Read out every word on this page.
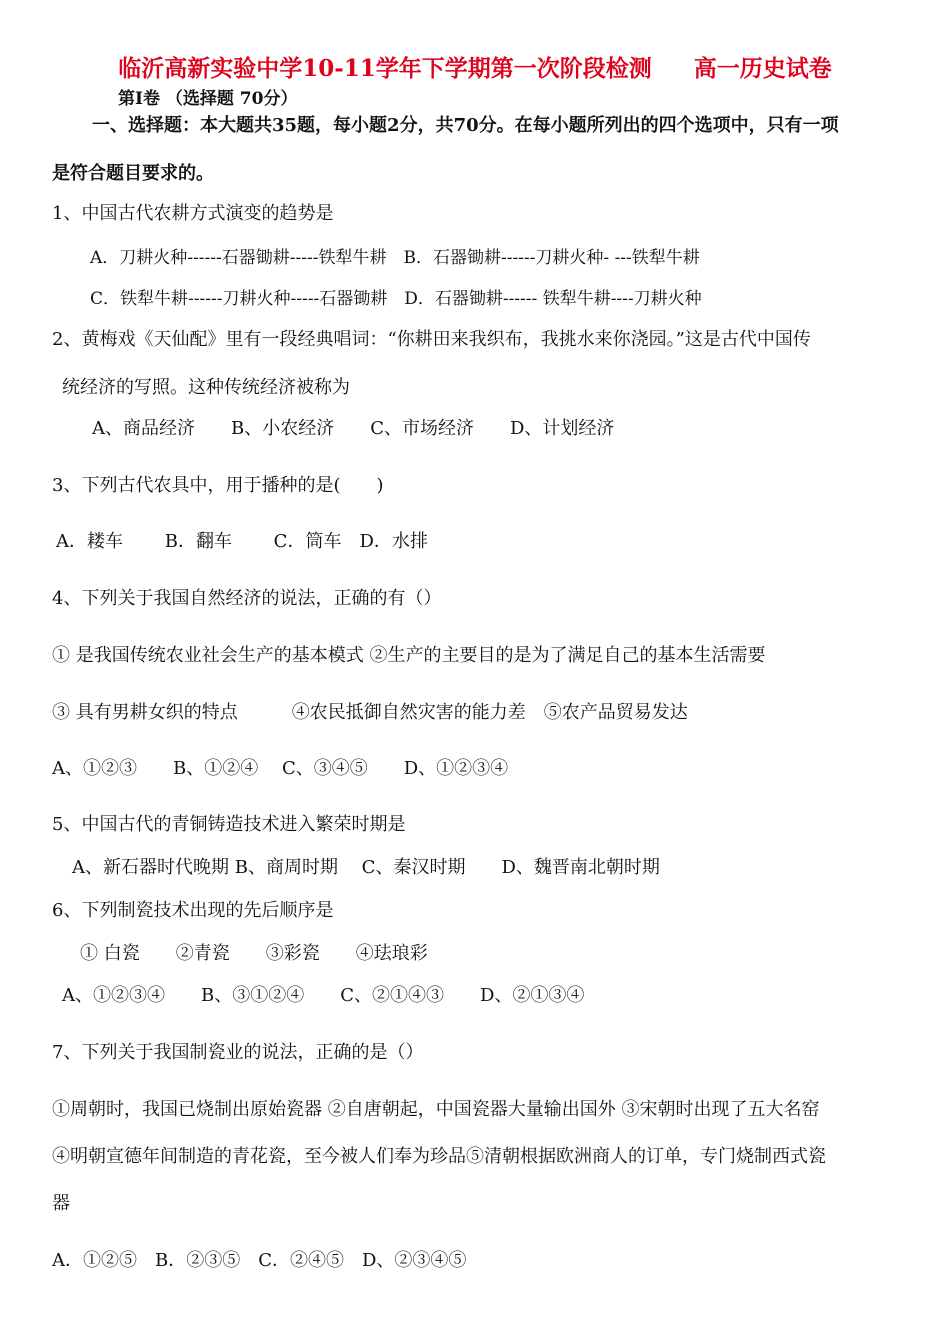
临沂高新实验中学10-11学年下学期第一次阶段检测 高一历史试卷
第Ⅰ卷 （选择题 70分）
一、选择题：本大题共35题，每小题2分，共70分。在每小题所列出的四个选项中，只有一项
是符合题目要求的。
1、中国古代农耕方式演变的趋势是
A．刀耕火种------石器锄耕-----铁犁牛耕　B．石器锄耕------刀耕火种- ---铁犁牛耕
C．铁犁牛耕------刀耕火种-----石器锄耕　D．石器锄耕------ 铁犁牛耕----刀耕火种
2、黄梅戏《天仙配》里有一段经典唱词：“你耕田来我织布，我挑水来你浇园。”这是古代中国传
统经济的写照。这种传统经济被称为
A、商品经济　　B、小农经济　　C、市场经济　　D、计划经济
3、下列古代农具中，用于播种的是(　　)
A．耧车　　 B．翻车　　 C．筒车　D．水排
4、下列关于我国自然经济的说法，正确的有（）
① 是我国传统农业社会生产的基本模式 ②生产的主要目的是为了满足自己的基本生活需要
③ 具有男耕女织的特点　　　④农民抵御自然灾害的能力差　⑤农产品贸易发达
A、①②③　　B、①②④　 C、③④⑤　　D、①②③④
5、中国古代的青铜铸造技术进入繁荣时期是
A、新石器时代晚期 B、商周时期　 C、秦汉时期　　D、魏晋南北朝时期
6、下列制瓷技术出现的先后顺序是
① 白瓷　　②青瓷　　③彩瓷　　④珐琅彩
A、①②③④　　B、③①②④　　C、②①④③　　D、②①③④
7、下列关于我国制瓷业的说法，正确的是（）
①周朝时，我国已烧制出原始瓷器 ②自唐朝起，中国瓷器大量输出国外 ③宋朝时出现了五大名窑
④明朝宣德年间制造的青花瓷，至今被人们奉为珍品⑤清朝根据欧洲商人的订单，专门烧制西式瓷
器
A．①②⑤　B．②③⑤　C．②④⑤　D、②③④⑤
